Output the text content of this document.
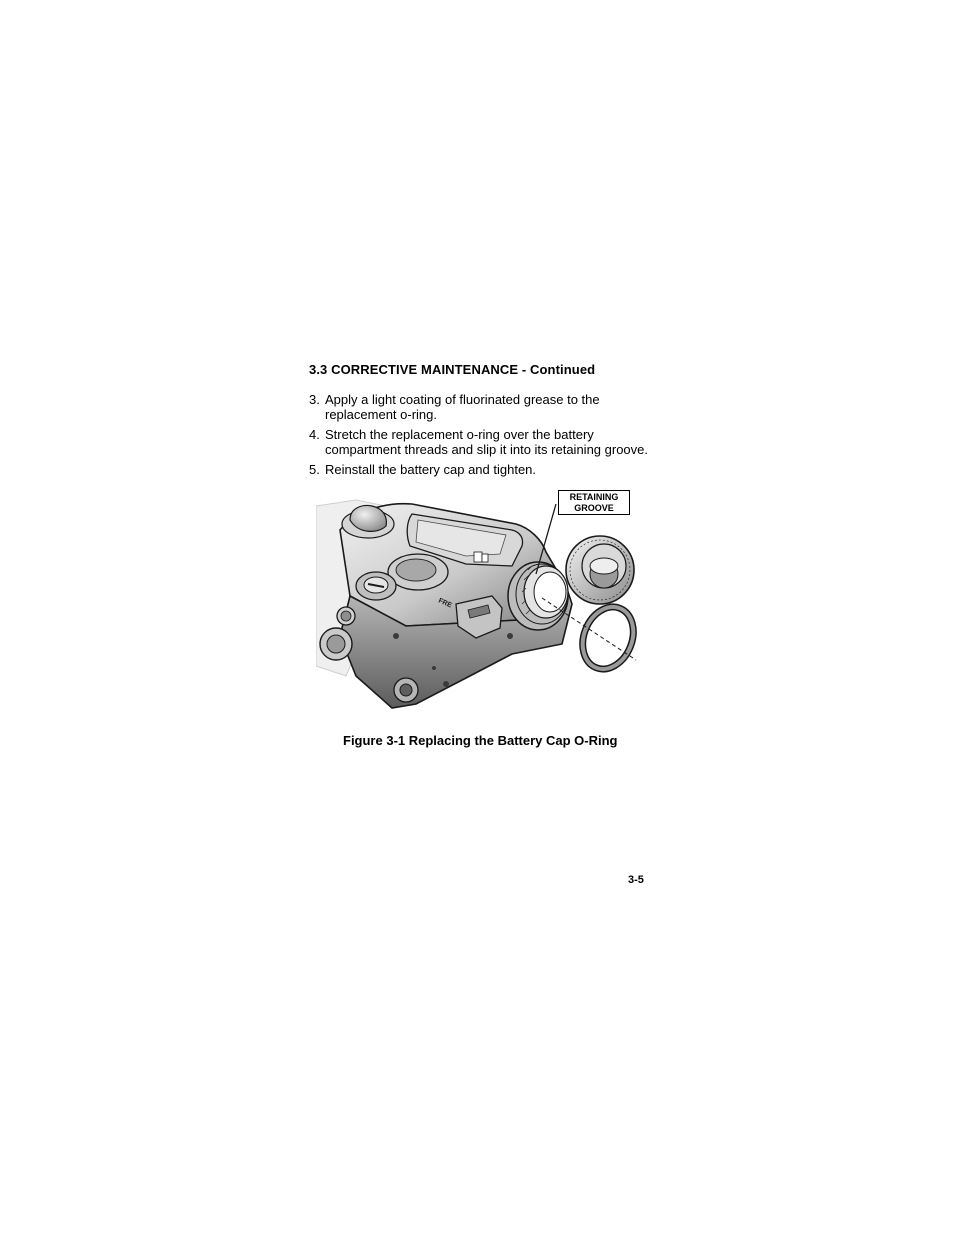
3.3 CORRECTIVE MAINTENANCE - Continued
3. Apply a light coating of fluorinated grease to the replacement o-ring.
4. Stretch the replacement o-ring over the battery compartment threads and slip it into its retaining groove.
5. Reinstall the battery cap and tighten.
FRE
RETAINING
GROOVE
Figure 3-1 Replacing the Battery Cap O-Ring
3-5
